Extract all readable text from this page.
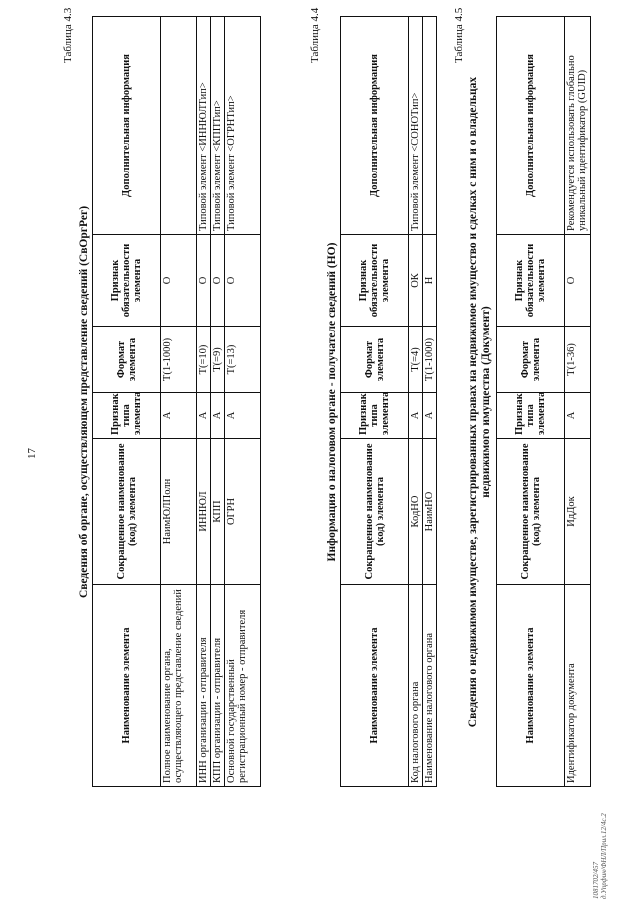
17
Таблица 4.3
Сведения об органе, осуществляющем представление сведений (СвОргРег)
Наименование элемента	Сокращенное наименование (код) элемента	Признак типа элемента	Формат элемента	Признак обязательности элемента	Дополнительная информация
Полное наименование органа, осуществляющего представление сведений	НаимЮЛПолн	А	T(1-1000)	О	
ИНН организации - отправителя	ИННЮЛ	А	T(=10)	О	Типовой элемент <ИННЮЛТип>
КПП организации - отправителя	КПП	А	T(=9)	О	Типовой элемент <КППТип>
Основной государственный регистрационный номер - отправителя	ОГРН	А	T(=13)	О	Типовой элемент <ОГРНТип>
Таблица 4.4
Информация о налоговом органе - получателе сведений (НО)
Наименование элемента	Сокращенное наименование (код) элемента	Признак типа элемента	Формат элемента	Признак обязательности элемента	Дополнительная информация
Код налогового органа	КодНО	А	T(=4)	ОК	Типовой элемент <СОНОТип>
Наименование налогового органа	НаимНО	А	T(1-1000)	Н	
Таблица 4.5
Сведения о недвижимом имуществе, зарегистрированных правах на недвижимое имущество и сделках с ним и о владельцах недвижимого имущества (Документ)
Наименование элемента	Сокращенное наименование (код) элемента	Признак типа элемента	Формат элемента	Признак обязательности элемента	Дополнительная информация
Идентификатор документа	ИдДок	А	T(1-36)	О	Рекомендуется использовать глобально уникальный идентификатор (GUID)
1081702/457 д.Упрфин/ФНЛ/Прил.12/4с.2
